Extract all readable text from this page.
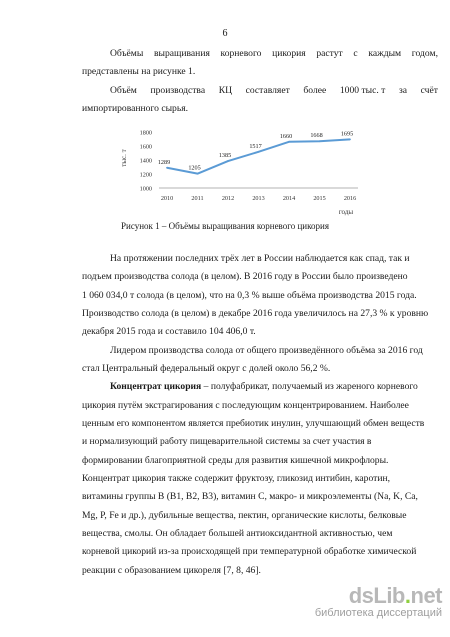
6
Объёмы выращивания корневого цикория растут с каждым годом,
представлены на рисунке 1.
Объём производства КЦ составляет более 1000 тыс. т за счёт
импортированного сырья.
1000
1200
1400
1600
1800
2010	2011	2012	2013	2014	2015	2016
тыс. т
годы
1289
1205
1385
1517
1660	1668	1695
Рисунок 1 – Объёмы выращивания корневого цикория
На протяжении последних трёх лет в России наблюдается как спад, так и
подъем производства солода (в целом). В 2016 году в России было произведено
1 060 034,0 т солода (в целом), что на 0,3 % выше объёма производства 2015 года.
Производство солода (в целом) в декабре 2016 года увеличилось на 27,3 % к уровню
декабря 2015 года и составило 104 406,0 т.
Лидером производства солода от общего произведённого объёма за 2016 год
стал Центральный федеральный округ с долей около 56,2 %.
Концентрат цикория – полуфабрикат, получаемый из жареного корневого
цикория путём экстрагирования с последующим концентрированием. Наиболее
ценным его компонентом является пребиотик инулин, улучшающий обмен веществ
и нормализующий работу пищеварительной системы за счет участия в
формировании благоприятной среды для развития кишечной микрофлоры.
Концентрат цикория также содержит фруктозу, гликозид интибин, каротин,
витамины группы В (В1, В2, В3), витамин С, макро- и микроэлементы (Na, K, Ca,
Mg, P, Fe и др.), дубильные вещества, пектин, органические кислоты, белковые
вещества, смолы. Он обладает большей антиоксидантной активностью, чем
корневой цикорий из-за происходящей при температурной обработке химической
реакции с образованием цикореля [7, 8, 46].
dsLib.net
библиотека диссертаций
